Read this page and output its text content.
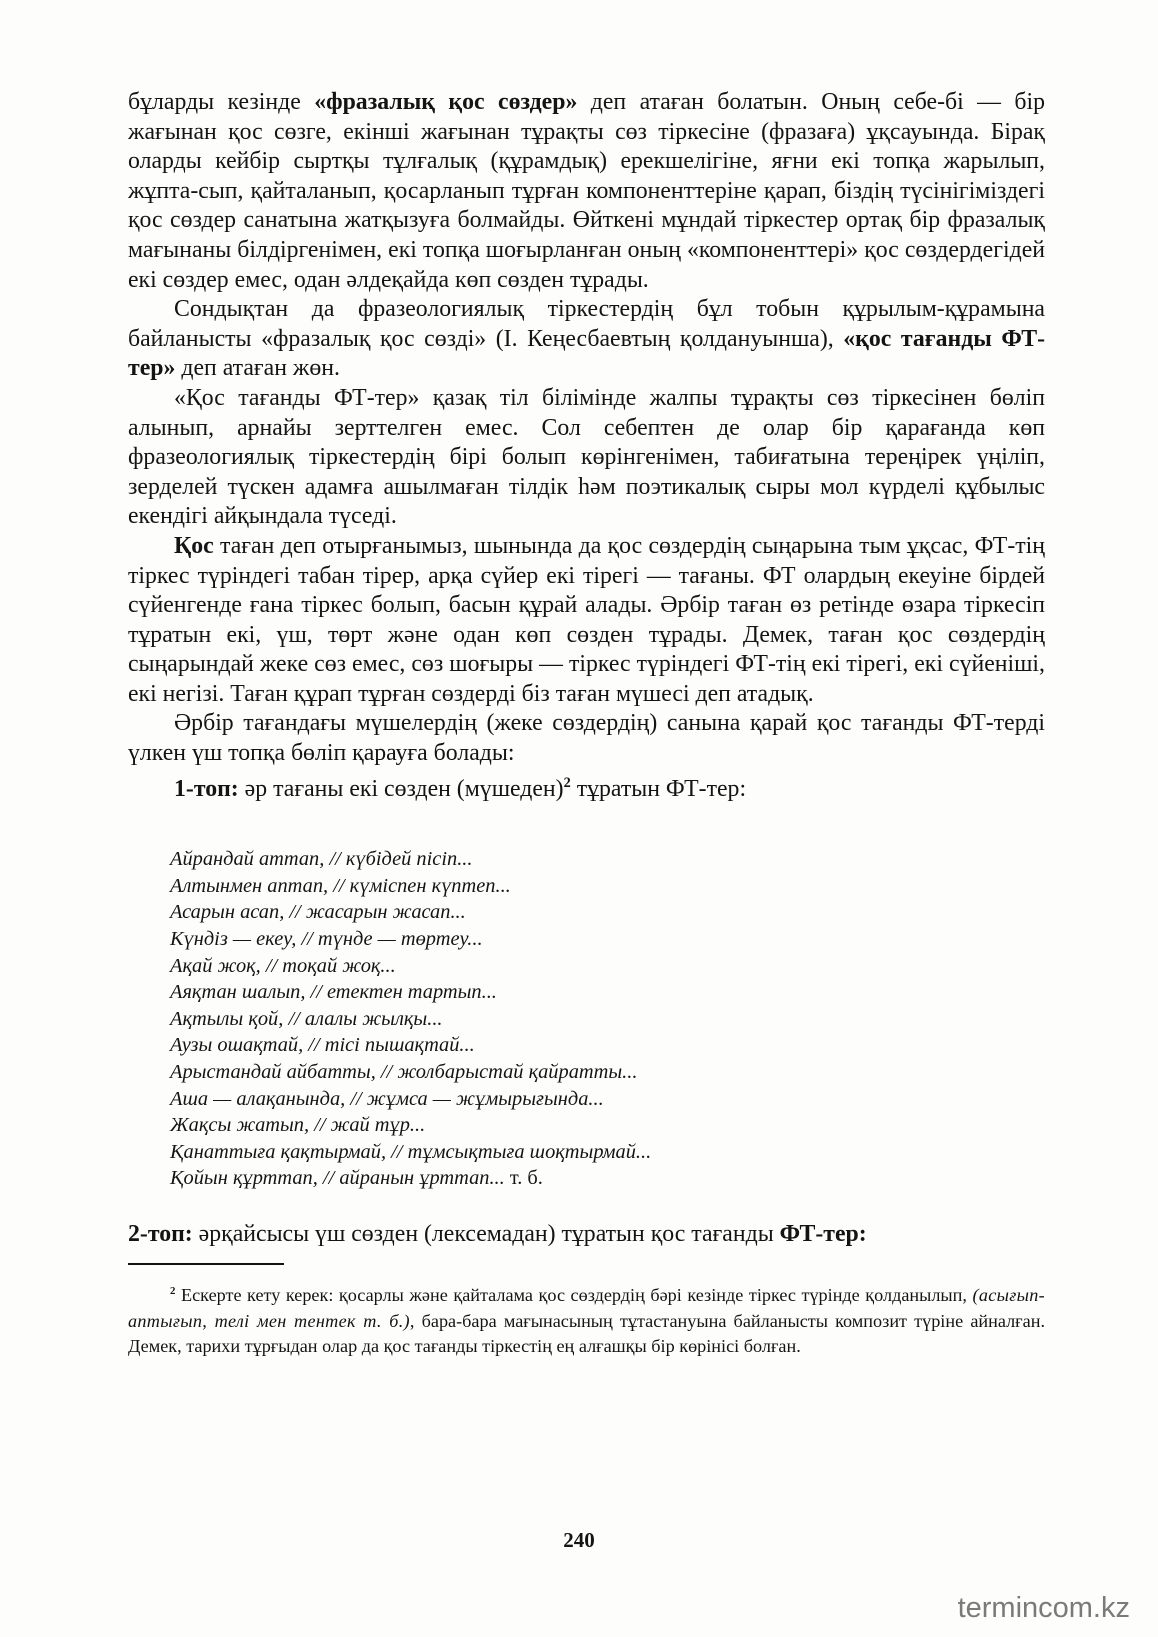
бұларды кезінде «фразалық қос сөздер» деп атаған болатын. Оның себе-бі — бір жағынан қос сөзге, екінші жағынан тұрақты сөз тіркесіне (фразаға) ұқсауында. Бірақ оларды кейбір сыртқы тұлғалық (құрамдық) ерекшелігіне, яғни екі топқа жарылып, жұпта-сып, қайталанып, қосарланып тұрған компоненттеріне қарап, біздің түсінігіміздегі қос сөздер санатына жатқызуға болмайды. Өйткені мұндай тіркестер ортақ бір фразалық мағынаны білдіргенімен, екі топқа шоғырланған оның «компоненттері» қос сөздердегідей екі сөздер емес, одан әлдеқайда көп сөзден тұрады.

Сондықтан да фразеологиялық тіркестердің бұл тобын құрылым-құрамына байланысты «фразалық қос сөзді» (І. Кеңесбаевтың қолдануынша), «қос тағанды ФТ-тер» деп атаған жөн.

«Қос тағанды ФТ-тер» қазақ тіл білімінде жалпы тұрақты сөз тіркесінен бөліп алынып, арнайы зерттелген емес. Сол себептен де олар бір қарағанда көп фразеологиялық тіркестердің бірі болып көрінгенімен, табиғатына тереңірек үңіліп, зерделей түскен адамға ашылмаған тілдік һәм поэтикалық сыры мол күрделі құбылыс екендігі айқындала түседі.

Қос таған деп отырғанымыз, шынында да қос сөздердің сыңарына тым ұқсас, ФТ-тің тіркес түріндегі табан тірер, арқа сүйер екі тірегі — тағаны. ФТ олардың екеуіне бірдей сүйенгенде ғана тіркес болып, басын құрай алады. Әрбір таған өз ретінде өзара тіркесіп тұратын екі, үш, төрт және одан көп сөзден тұрады. Демек, таған қос сөздердің сыңарындай жеке сөз емес, сөз шоғыры — тіркес түріндегі ФТ-тің екі тірегі, екі сүйеніші, екі негізі. Таған құрап тұрған сөздерді біз таған мүшесі деп атадық.

Әрбір тағандағы мүшелердің (жеке сөздердің) санына қарай қос тағанды ФТ-терді үлкен үш топқа бөліп қарауға болады:

1-топ: әр тағаны екі сөзден (мүшеден)$^2$ тұратын ФТ-тер:

Айрандай аттап, // күбідей пісіп...
Алтынмен аптап, // күміспен күптеп...
Асарын асап, // жасарын жасап...
Күндіз — екеу, // түнде — төртеу...
Ақай жоқ, // тоқай жоқ...
Аяқтан шалып, // етектен тартып...
Ақтылы қой, // алалы жылқы...
Аузы ошақтай, // тісі пышақтай...
Арыстандай айбатты, // жолбарыстай қайратты...
Аша — алақанында, // жұмса — жұмырығында...
Жақсы жатып, // жай тұр...
Қанаттыға қақтырмай, // тұмсықтыға шоқтырмай...
Қойын құрттап, // айранын ұрттап... т. б.

2-топ: әрқайсысы үш сөзден (лексемадан) тұратын қос тағанды ФТ-тер:

$^2$ Ескерте кету керек: қосарлы және қайталама қос сөздердің бәрі кезінде тіркес түрінде қолданылып, (асығып-аптығып, телі мен тентек т. б.), бара-бара мағынасының тұтастануына байланысты композит түріне айналған. Демек, тарихи тұрғыдан олар да қос тағанды тіркестің ең алғашқы бір көрінісі болған.

240
termincom.kz
